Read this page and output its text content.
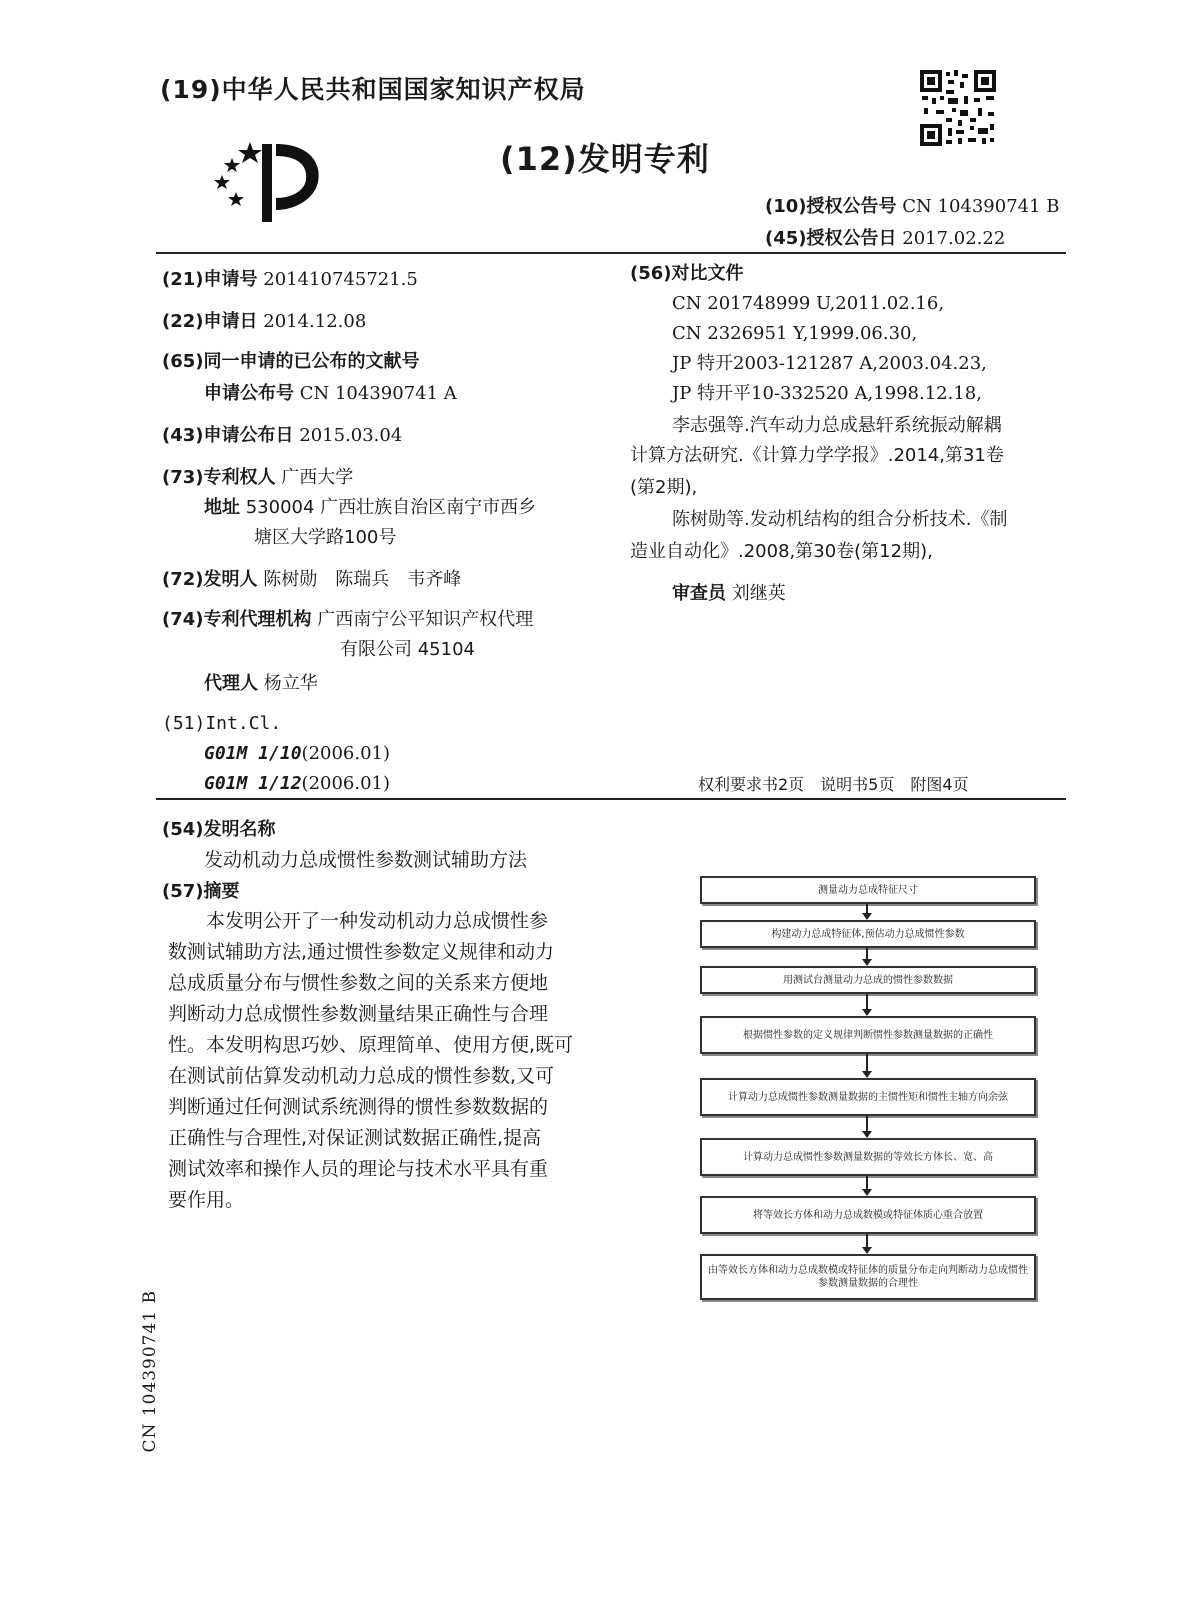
(19)中华人民共和国国家知识产权局
(12)发明专利
(10)授权公告号 CN 104390741 B
(45)授权公告日 2017.02.22
(21)申请号 201410745721.5
(22)申请日 2014.12.08
(65)同一申请的已公布的文献号
申请公布号 CN 104390741 A
(43)申请公布日 2015.03.04
(73)专利权人 广西大学
地址 530004 广西壮族自治区南宁市西乡
塘区大学路100号
(72)发明人 陈树勋　陈瑞兵　韦齐峰
(74)专利代理机构 广西南宁公平知识产权代理
有限公司 45104
代理人 杨立华
(51)Int.Cl.
G01M 1/10(2006.01)
G01M 1/12(2006.01)
(56)对比文件
CN 201748999 U,2011.02.16,
CN 2326951 Y,1999.06.30,
JP 特开2003-121287 A,2003.04.23,
JP 特开平10-332520 A,1998.12.18,
李志强等.汽车动力总成悬轩系统振动解耦
计算方法研究.《计算力学学报》.2014,第31卷
(第2期),
陈树勋等.发动机结构的组合分析技术.《制
造业自动化》.2008,第30卷(第12期),
审查员 刘继英
权利要求书2页　说明书5页　附图4页
(54)发明名称
发动机动力总成惯性参数测试辅助方法
(57)摘要
　　本发明公开了一种发动机动力总成惯性参
数测试辅助方法,通过惯性参数定义规律和动力
总成质量分布与惯性参数之间的关系来方便地
判断动力总成惯性参数测量结果正确性与合理
性。本发明构思巧妙、原理简单、使用方便,既可
在测试前估算发动机动力总成的惯性参数,又可
判断通过任何测试系统测得的惯性参数数据的
正确性与合理性,对保证测试数据正确性,提高
测试效率和操作人员的理论与技术水平具有重
要作用。
测量动力总成特征尺寸
构建动力总成特征体,预估动力总成惯性参数
用测试台测量动力总成的惯性参数数据
根据惯性参数的定义规律判断惯性参数测量数据的正确性
计算动力总成惯性参数测量数据的主惯性矩和惯性主轴方向余弦
计算动力总成惯性参数测量数据的等效长方体长、宽、高
将等效长方体和动力总成数模或特征体质心重合放置
由等效长方体和动力总成数模或特征体的质量分布走向判断动力总成惯性参数测量数据的合理性
CN 104390741 B
